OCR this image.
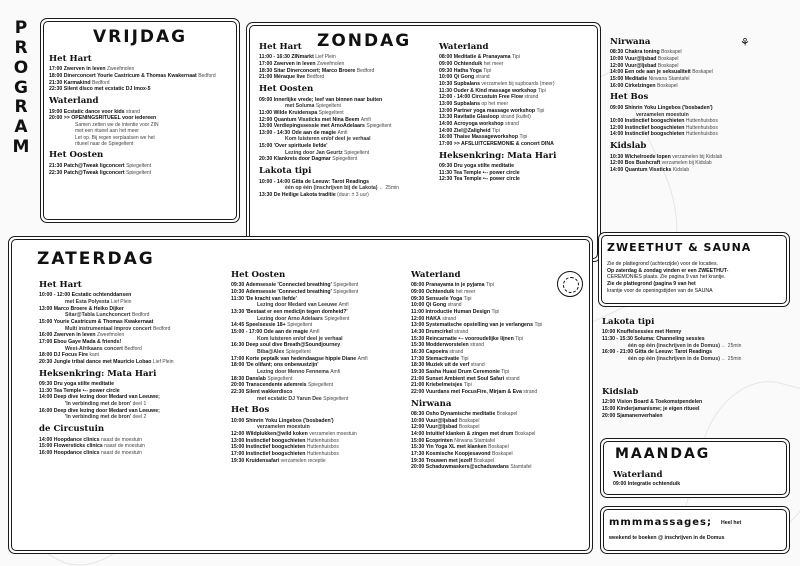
P
R
O
G
R
A
M
VRIJDAG
Het Hart
17:00 Zwerven in leven Zweefmolen
18:00 Dinerconcert Yourie Castricum & Thomas Kwakernaat Bedford
21:30 Karmakind Bedford
22:30 Silent disco met ecstatic DJ Imox-5
Waterland
19:00 Ecstatic dance voor kids strand
20:00 >> OPENINGSRITUEEL voor iedereen
Samen zetten we de intentie voor ZIN
met een ritueel aan het meer
Let op. Bij regen verplaatsen we het
ritueel naar de Spiegeltent
Het Oosten
21:30 Patch@Tweak ligconcert Spiegeltent
22:30 Patch@Tweak ligconcert Spiegeltent
ZONDAG
Het Hart
11:00 - 16:30 ZINmarkt Lief Plein
17:00 Zwerven in leven Zweefmolen
18:30 Sitar Dinerconcert; Marco Broere Bedford
21:00 Méraque live Bedford
Het Oosten
09:00 Innerlijke vrede; leef van binnen naar buiten
met Soluma Spiegeltent
11:00 Wilde Kruidenspa Spiegeltent
12:00 Quantum Vissticks met Nina Beem Amfi
13:00 Verdiepingssessie met ArnoAdelaars Spiegeltent
13:00 - 14:30 Ode aan de magie Amfi
Kom luisteren en/of deel je verhaal
15:00 'Over spirituele liefde'
Lezing door Jan Geurtz Spiegeltent
20:30 Klankreis door Dagmar Spiegeltent
Lakota tipi
10:00 - 14:00 Gitta de Leeuw: Tarot Readings
één op één (inschrijven bij de Lakota) ← 25min
13:30 De Heilige Lakota traditie (duur: ± 3 uur)
Waterland
08:00 Meditatie & Pranayama Tipi
09:00 Ochtenduik het meer
09:30 Hatha Yoga Tipi
10:00 Qi Gong strand
10:30 Supbalans verzamelen bij supboards (meer)
11:30 Ouder & Kind massage workshop Tipi
12:00 - 14:00 Circustuin Free Flow strand
13:00 Supbalans op het meer
13:00 Partner yoga massage workshop Tipi
13:30 Ravitatie Glasloop strand (kuifel)
14:00 Acroyoga workshop strand
14:00 Ziel@Zaligheid Tipi
16:00 Thaise Massageworkshop Tipi
17:00 >> AFSLUITCEREMONIE & concert DINA
Heksenkring: Mata Hari
09:30 Dru yoga stilte meditatie
11:30 Tea Temple •-- power circle
12:30 Tea Temple •-- power circle
Nirwana
08:30 Chakra toning Boskapel
10:00 Vuur@Ijsbad Boskapel
12:00 Vuur@Ijsbad Boskapel
14:00 Een ode aan je seksualiteit Boskapel
15:00 Meditatie Nirwana Stamtafel
16:00 Cirkelzingen Boskapel
Het Bos
09:00 Shinrin Yoku Lingebos ('bosbaden')
verzamelen moestuin
10:00 Instinctief boogschieten Huttenhuisbos
12:00 Instinctief boogschieten Huttenhuisbos
14:00 Instinctief boogschieten Huttenhuisbos
Kidslab
10:30 Wichelroede lopen verzamelen bij Kidslab
12:00 Bos Bushcraft verzamelen bij Kidslab
14:00 Quantum Vissticks Kidslab
⚘
ZATERDAG
Het Hart
10:00 - 12:00 Ecstatic ochtenddansen
met Esta Polyesta Lief Plein
13:00 Marco Broere & Heiko Dijker
Sitar@Tabla Lunchconcert Bedford
15:00 Yourie Castricum & Thomas Kwakernaat
Multi instrumentaal improv concert Bedford
16:00 Zwerven in leven Zweefmolen
17:00 Ebou Gaye Mada & friends!
West-Afrikaans concert Bedford
18:00 DJ Focus Fire kant
20:30 Jungle tribal dance met Mauricio Lobao Lief Plein
Heksenkring: Mata Hari
09:30 Dru yoga stilte meditatie
11:30 Tea Temple •-- power circle
14:00 Deep dive lezing door Medard van Leeuwe;
'In verbinding met de bron' deel 1
16:00 Deep dive lezing door Medard van Leeuwe;
'In verbinding met de bron' deel 2
de Circustuin
14:00 Hoopdance clinics naast de moestuin
15:00 Flowersticks clinics naast de moestuin
16:00 Hoopdance clinics naast de moestuin
Het Oosten
09:30 Ademsessie 'Connected breathing' Spiegeltent
10:30 Ademsessie 'Connected breathing' Spiegeltent
11:30 'De kracht van liefde'
Lezing door Medard van Leeuwe Amfi
13:30 'Bestaat er een medicijn tegen domheid?'
Lezing door Arno Adelaars Spiegeltent
14:45 Speelsessie 18+ Spiegeltent
15:00 - 17:00 Ode aan de magie Amfi
Kom luisteren en/of deel je verhaal
16:30 Deep soul dive Breath@Soundjourney
Biba@Alex Spiegeltent
17:00 Korte peptalk van hedendaagse hippie Diane Amfi
18:00 'De olifant; ons onbewustzijn'
Lezing door Menno Fennema Amfi
18:30 Danslab Spiegeltent
20:00 Transcendente ademreis Spiegeltent
22:30 Silent wakkerdisco
met ecstatic DJ Yarun Dee Spiegeltent
Het Bos
10:00 Shinrin Yoku Lingebos ('bosbaden')
verzamelen moestuin
12:00 Wildplukken@wild koken verzamelen moestuin
13:00 Instinctief boogschieten Huttenhuisbos
15:00 Instinctief boogschieten Huttenhuisbos
17:00 Instinctief boogschieten Huttenhuisbos
19:30 Kruidensafari verzamelen receptie
Waterland
08:00 Pranayama in je pyjama Tipi
09:00 Ochtenduik het meer
09:30 Sensuele Yoga Tipi
10:00 Qi Gong strand
11:00 Introductie Human Design Tipi
12:00 HAKA strand
13:00 Systematische opstelling van je verlangens Tipi
14:30 Drumcirkel strand
15:30 Reincarnatie •-- vooroudelijke lijnen Tipi
15:30 Modderworstelen strand
16:30 Capoeira strand
17:30 Stemactivatie Tipi
18:30 Muziek uit de verf strand
19:30 Sasha Huasi Drum Ceremonie Tipi
21:00 Sunset Ambient met Soul Safari strand
21:00 Kriebelmeisjes Tipi
22:00 Vuurdans met FocusFire, Mirjam & Eva strand
Nirwana
08:30 Osho Dynamische meditatie Boskapel
10:00 Vuur@Ijsbad Boskapel
12:00 Vuur@Ijsbad Boskapel
14:00 Intuitief klanken & zingen met drum Boskapel
15:00 Ecoprinten Nirwana Stamtafel
15:30 Yin Yoga XL met klanken Boskapel
17:30 Kosmische Koopjesavond Boskapel
19:30 Trouwen met jezelf Boskapel
20:00 Schaduwmaskers@schaduwdans Stamtafel
ZWEETHUT & SAUNA
Zie de plattegrond (achterzijde) voor de locaties.
Op zaterdag & zondag vinden er een ZWEETHUT-
CEREMONIES plaats. Zie pagina 9 van het krantje.
Zie de plattegrond (pagina 9 van het
krantje voor de openingstijden van de SAUNA
Lakota tipi
10:00 Knuffelsessies met Henny
11:30 - 15:30 Soluma: Channeling sessies
één op één (inschrijven in de Domus) ← 25min
16:00 - 21:00 Gitta de Leeuw: Tarot Readings
één op één (inschrijven in de Domus) ← 25min
Kidslab
12:00 Vision Board & Toekomstpendelen
15:00 Kinderjamanisme; je eigen ritueel
20:00 Sjamanenverhalen
MAANDAG
Waterland
09:00 Integratie ochtenduik
mmmmassages; Heel het
weekend te boeken @ inschrijven in de Domus
